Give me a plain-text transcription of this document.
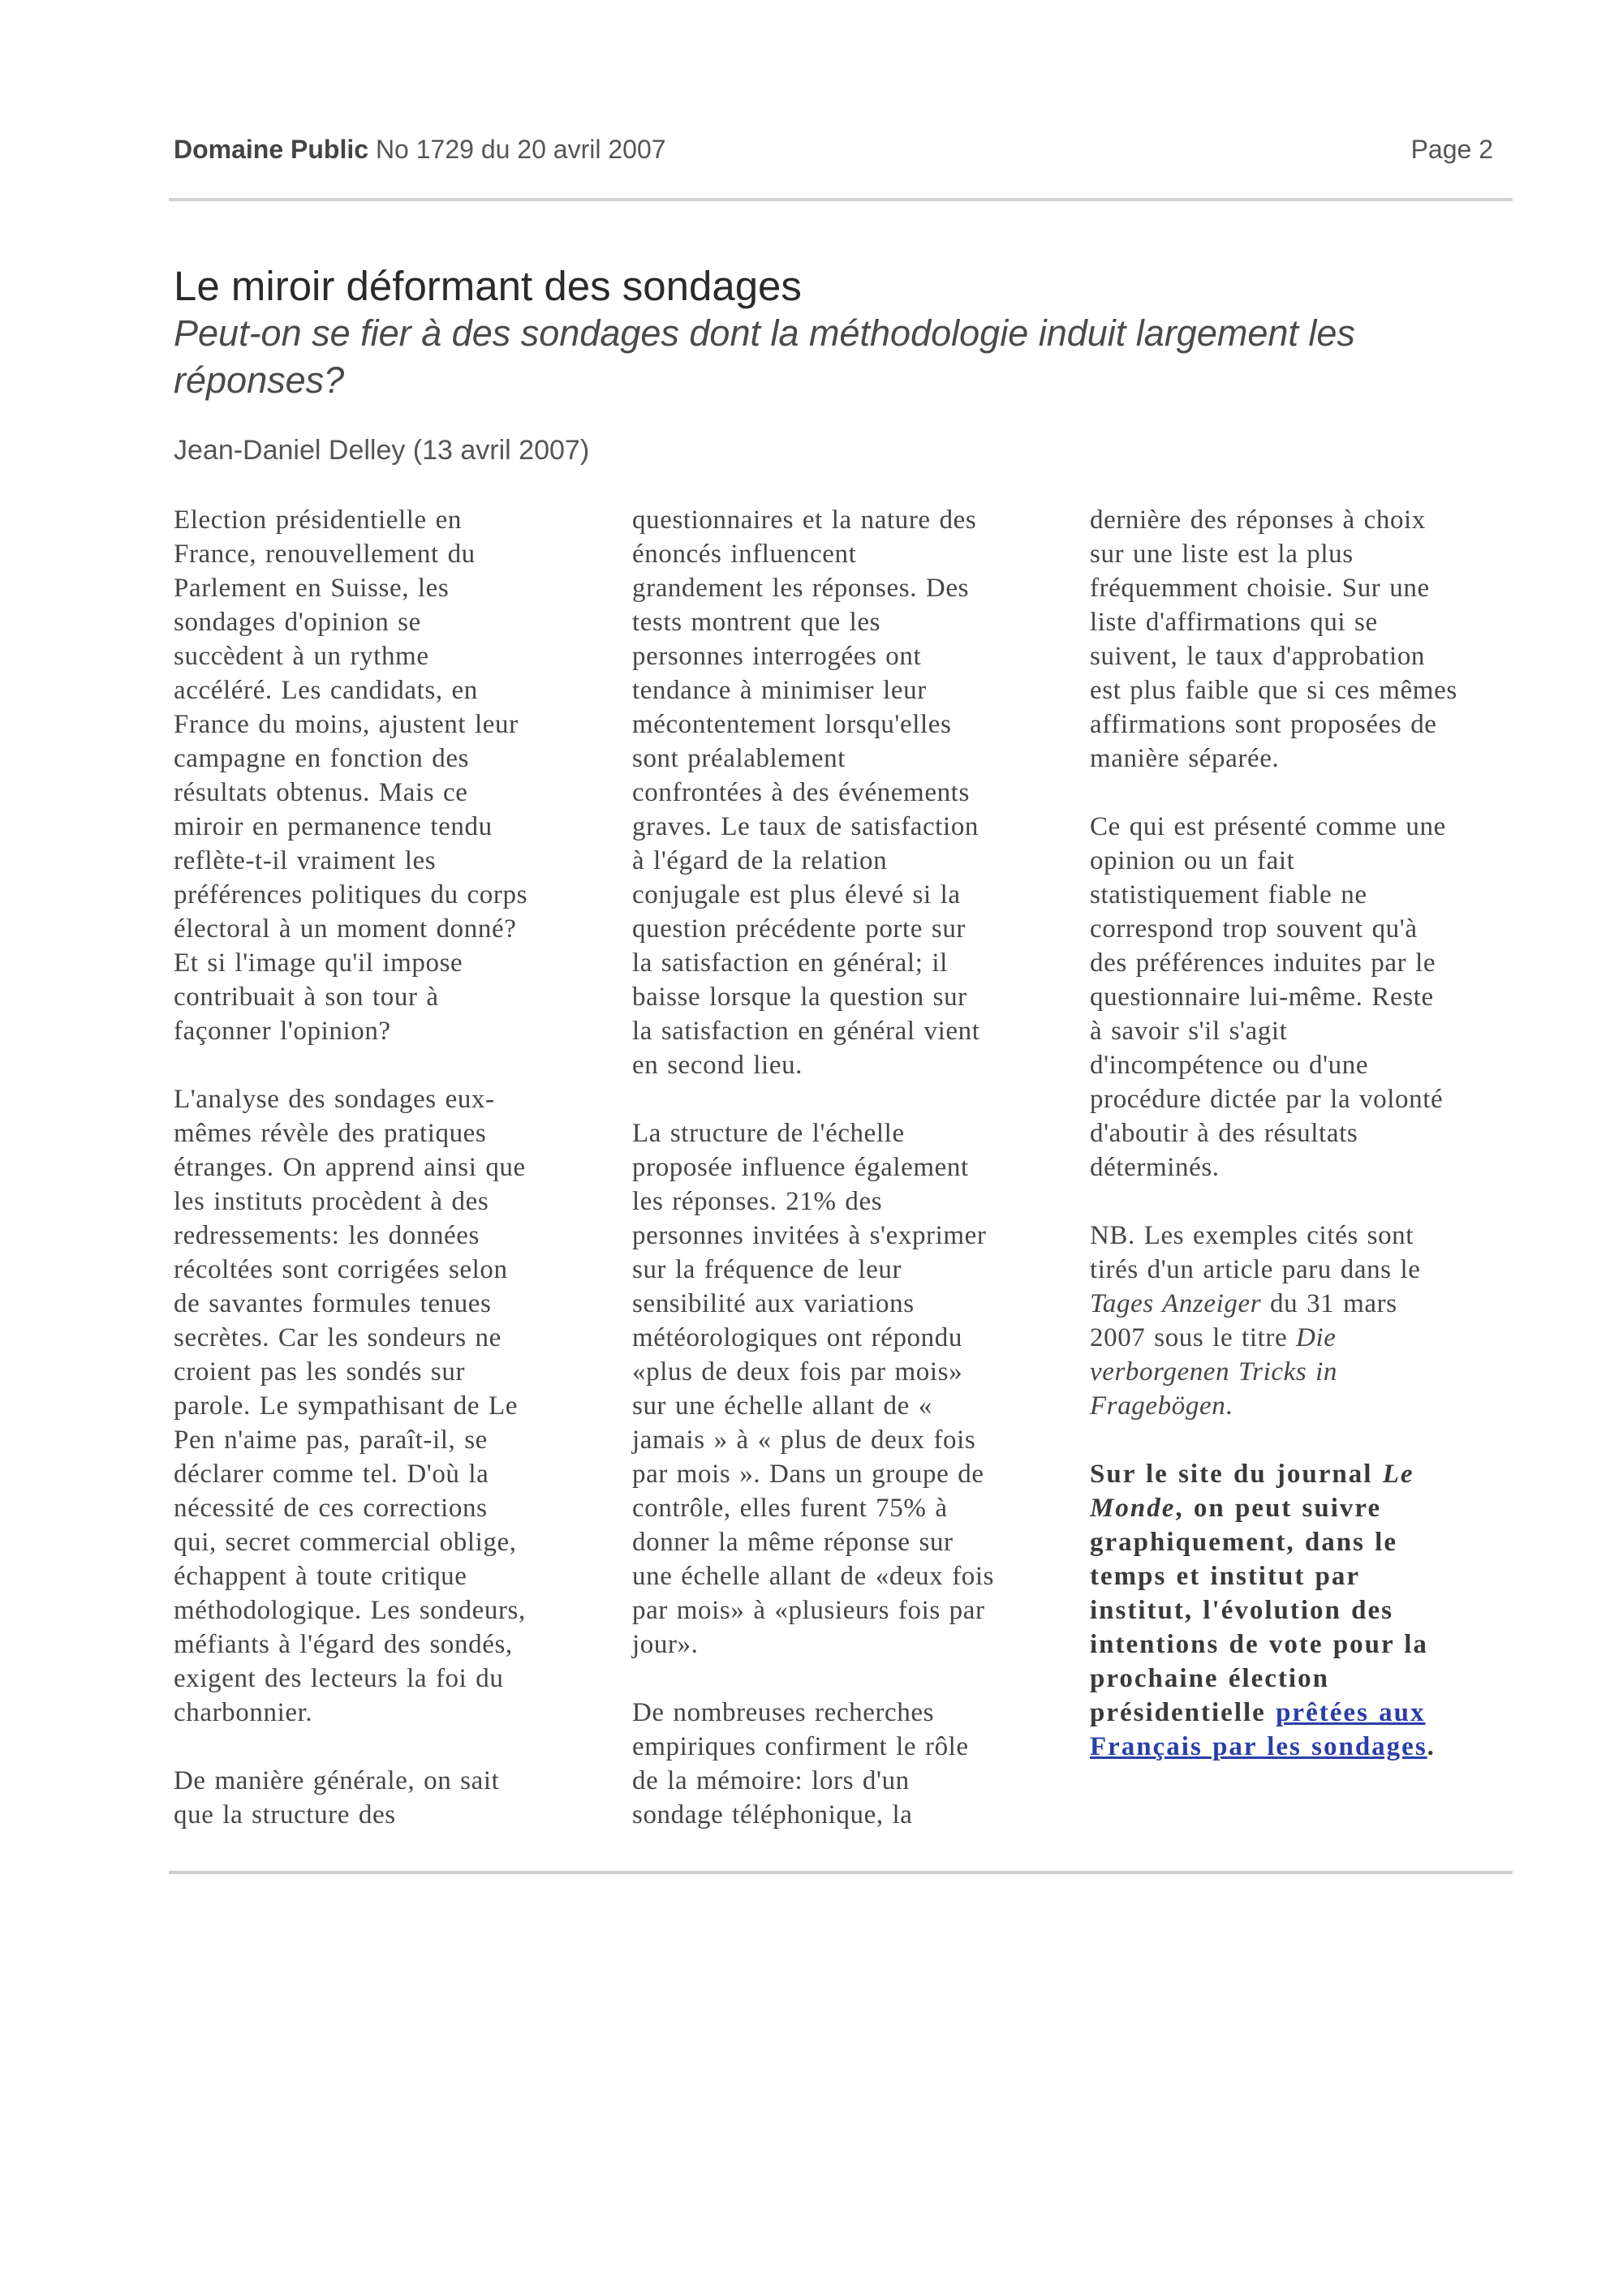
Domaine Public No 1729 du 20 avril 2007	Page 2
Le miroir déformant des sondages
Peut-on se fier à des sondages dont la méthodologie induit largement les
réponses?
Jean-Daniel Delley (13 avril 2007)
Election présidentielle en
France, renouvellement du
Parlement en Suisse, les
sondages d'opinion se
succèdent à un rythme
accéléré. Les candidats, en
France du moins, ajustent leur
campagne en fonction des
résultats obtenus. Mais ce
miroir en permanence tendu
reflète-t-il vraiment les
préférences politiques du corps
électoral à un moment donné?
Et si l'image qu'il impose
contribuait à son tour à
façonner l'opinion?
L'analyse des sondages eux-
mêmes révèle des pratiques
étranges. On apprend ainsi que
les instituts procèdent à des
redressements: les données
récoltées sont corrigées selon
de savantes formules tenues
secrètes. Car les sondeurs ne
croient pas les sondés sur
parole. Le sympathisant de Le
Pen n'aime pas, paraît-il, se
déclarer comme tel. D'où la
nécessité de ces corrections
qui, secret commercial oblige,
échappent à toute critique
méthodologique. Les sondeurs,
méfiants à l'égard des sondés,
exigent des lecteurs la foi du
charbonnier.
De manière générale, on sait
que la structure des
questionnaires et la nature des
énoncés influencent
grandement les réponses. Des
tests montrent que les
personnes interrogées ont
tendance à minimiser leur
mécontentement lorsqu'elles
sont préalablement
confrontées à des événements
graves. Le taux de satisfaction
à l'égard de la relation
conjugale est plus élevé si la
question précédente porte sur
la satisfaction en général; il
baisse lorsque la question sur
la satisfaction en général vient
en second lieu.
La structure de l'échelle
proposée influence également
les réponses. 21% des
personnes invitées à s'exprimer
sur la fréquence de leur
sensibilité aux variations
météorologiques ont répondu
«plus de deux fois par mois»
sur une échelle allant de «
jamais » à « plus de deux fois
par mois ». Dans un groupe de
contrôle, elles furent 75% à
donner la même réponse sur
une échelle allant de «deux fois
par mois» à «plusieurs fois par
jour».
De nombreuses recherches
empiriques confirment le rôle
de la mémoire: lors d'un
sondage téléphonique, la
dernière des réponses à choix
sur une liste est la plus
fréquemment choisie. Sur une
liste d'affirmations qui se
suivent, le taux d'approbation
est plus faible que si ces mêmes
affirmations sont proposées de
manière séparée.
Ce qui est présenté comme une
opinion ou un fait
statistiquement fiable ne
correspond trop souvent qu'à
des préférences induites par le
questionnaire lui-même. Reste
à savoir s'il s'agit
d'incompétence ou d'une
procédure dictée par la volonté
d'aboutir à des résultats
déterminés.
NB. Les exemples cités sont
tirés d'un article paru dans le
Tages Anzeiger du 31 mars
2007 sous le titre Die
verborgenen Tricks in
Fragebögen.
Sur le site du journal Le
Monde, on peut suivre
graphiquement, dans le
temps et institut par
institut, l'évolution des
intentions de vote pour la
prochaine élection
présidentielle prêtées aux
Français par les sondages.
